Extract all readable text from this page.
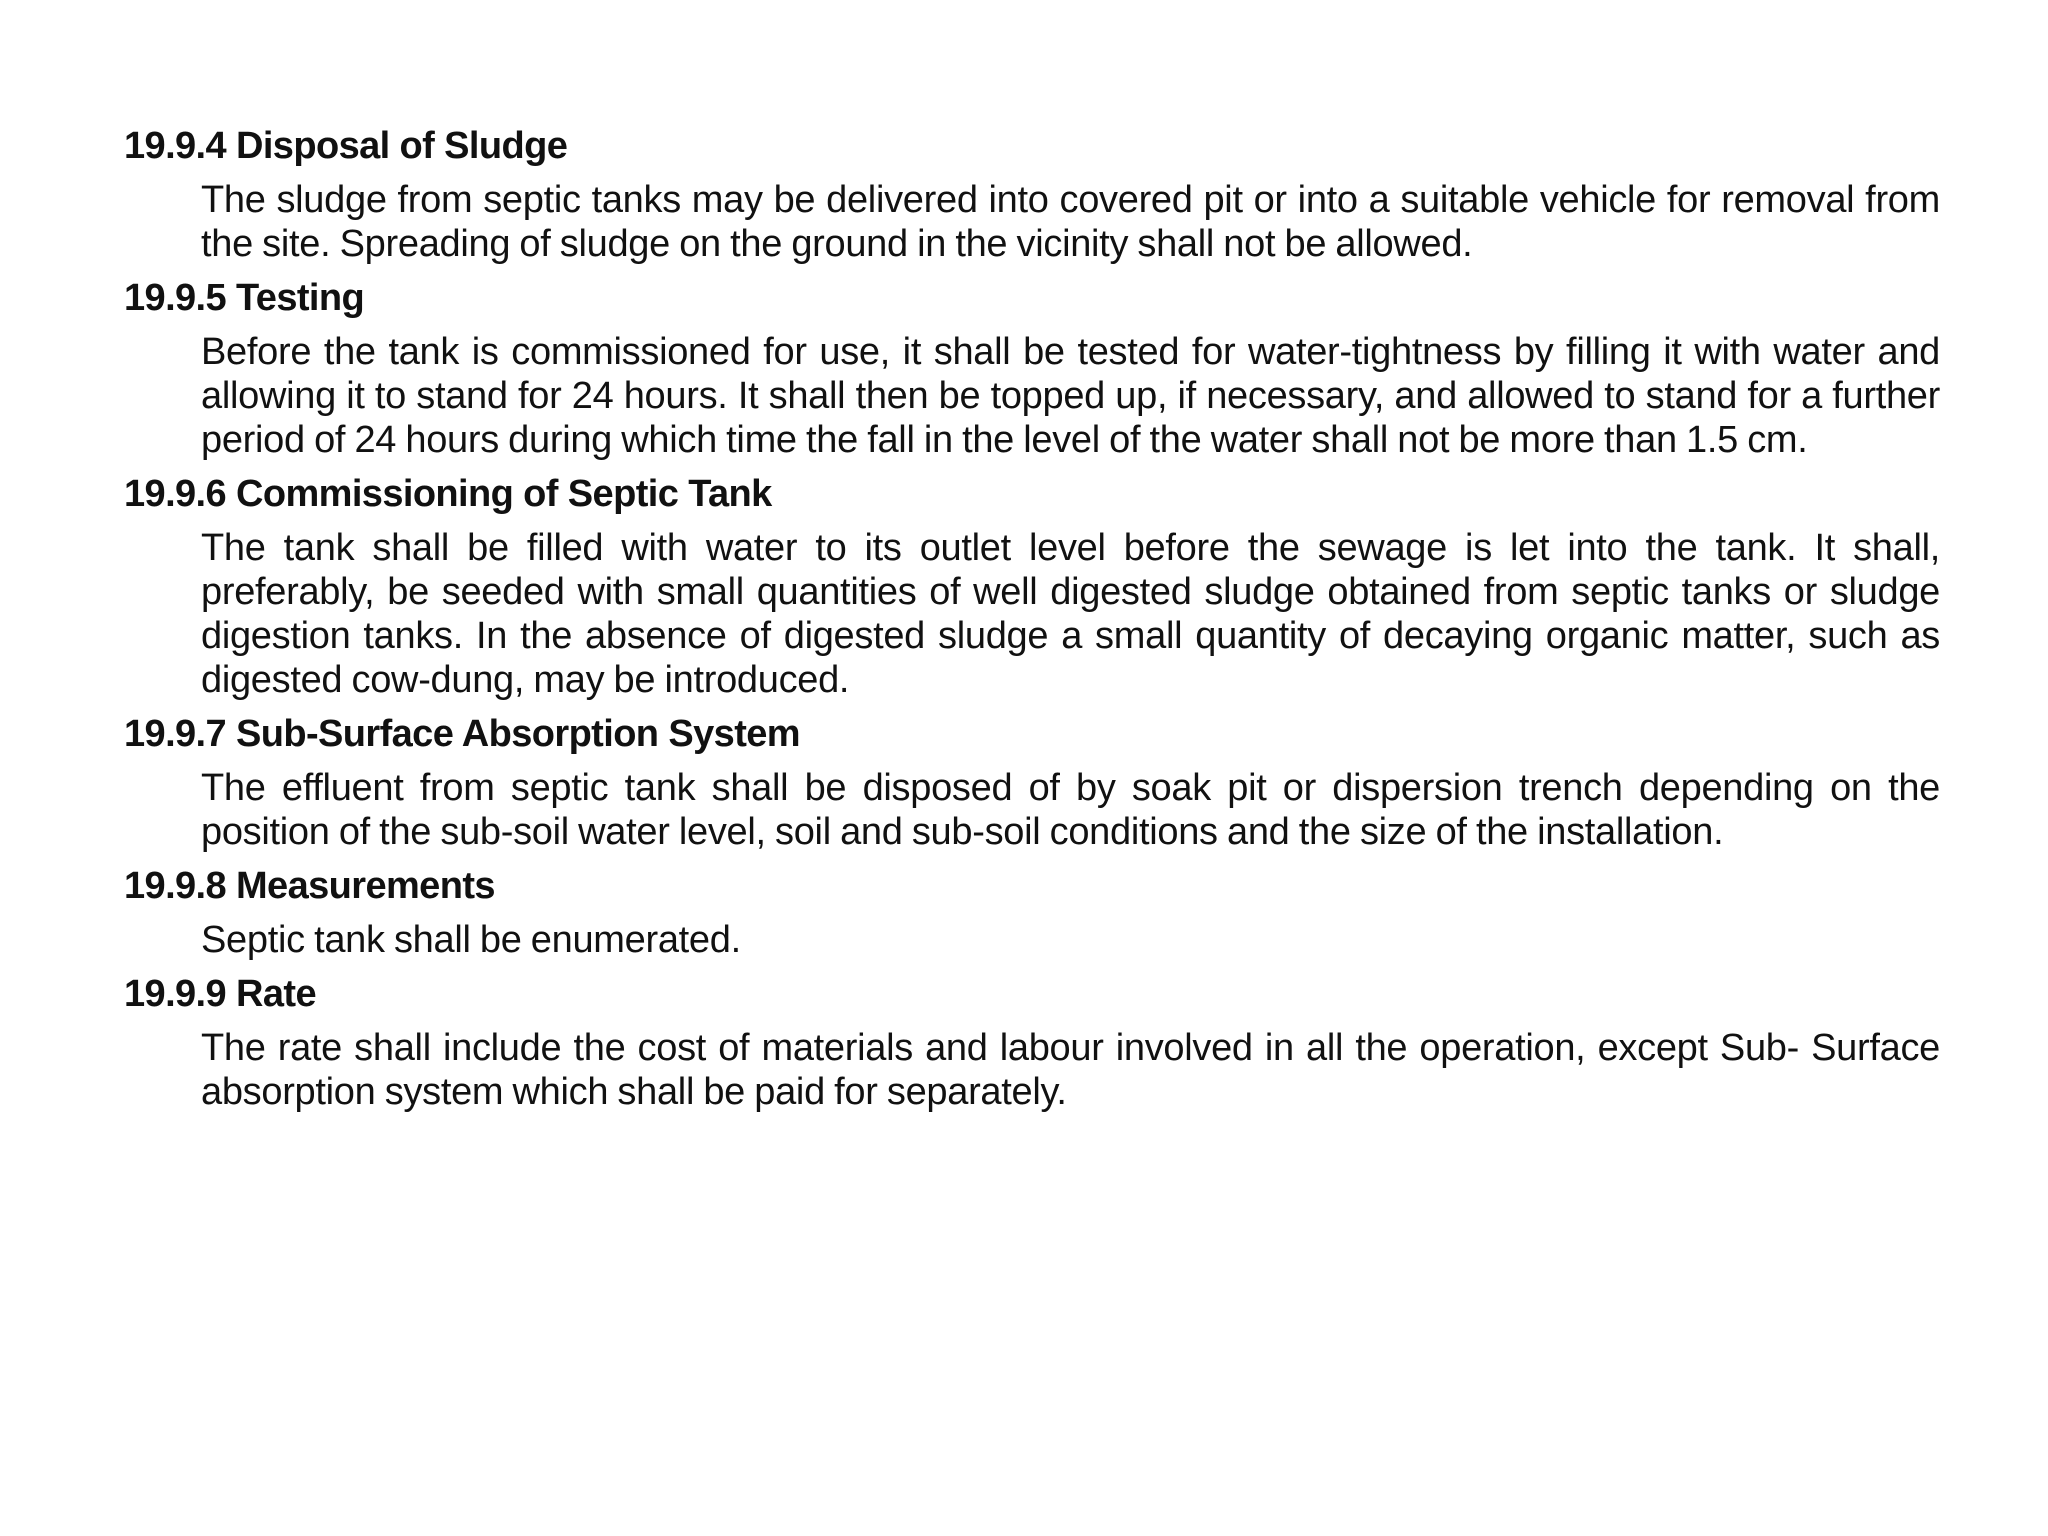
19.9.4 Disposal of Sludge

The sludge from septic tanks may be delivered into covered pit or into a suitable vehicle for removal from the site. Spreading of sludge on the ground in the vicinity shall not be allowed.

19.9.5 Testing

Before the tank is commissioned for use, it shall be tested for water-tightness by filling it with water and allowing it to stand for 24 hours. It shall then be topped up, if necessary, and allowed to stand for a further period of 24 hours during which time the fall in the level of the water shall not be more than 1.5 cm.

19.9.6 Commissioning of Septic Tank

The tank shall be filled with water to its outlet level before the sewage is let into the tank. It shall, preferably, be seeded with small quantities of well digested sludge obtained from septic tanks or sludge digestion tanks. In the absence of digested sludge a small quantity of decaying organic matter, such as digested cow-dung, may be introduced.

19.9.7 Sub-Surface Absorption System

The effluent from septic tank shall be disposed of by soak pit or dispersion trench depending on the position of the sub-soil water level, soil and sub-soil conditions and the size of the installation.

19.9.8 Measurements

Septic tank shall be enumerated.

19.9.9 Rate

The rate shall include the cost of materials and labour involved in all the operation, except Sub- Surface absorption system which shall be paid for separately.
